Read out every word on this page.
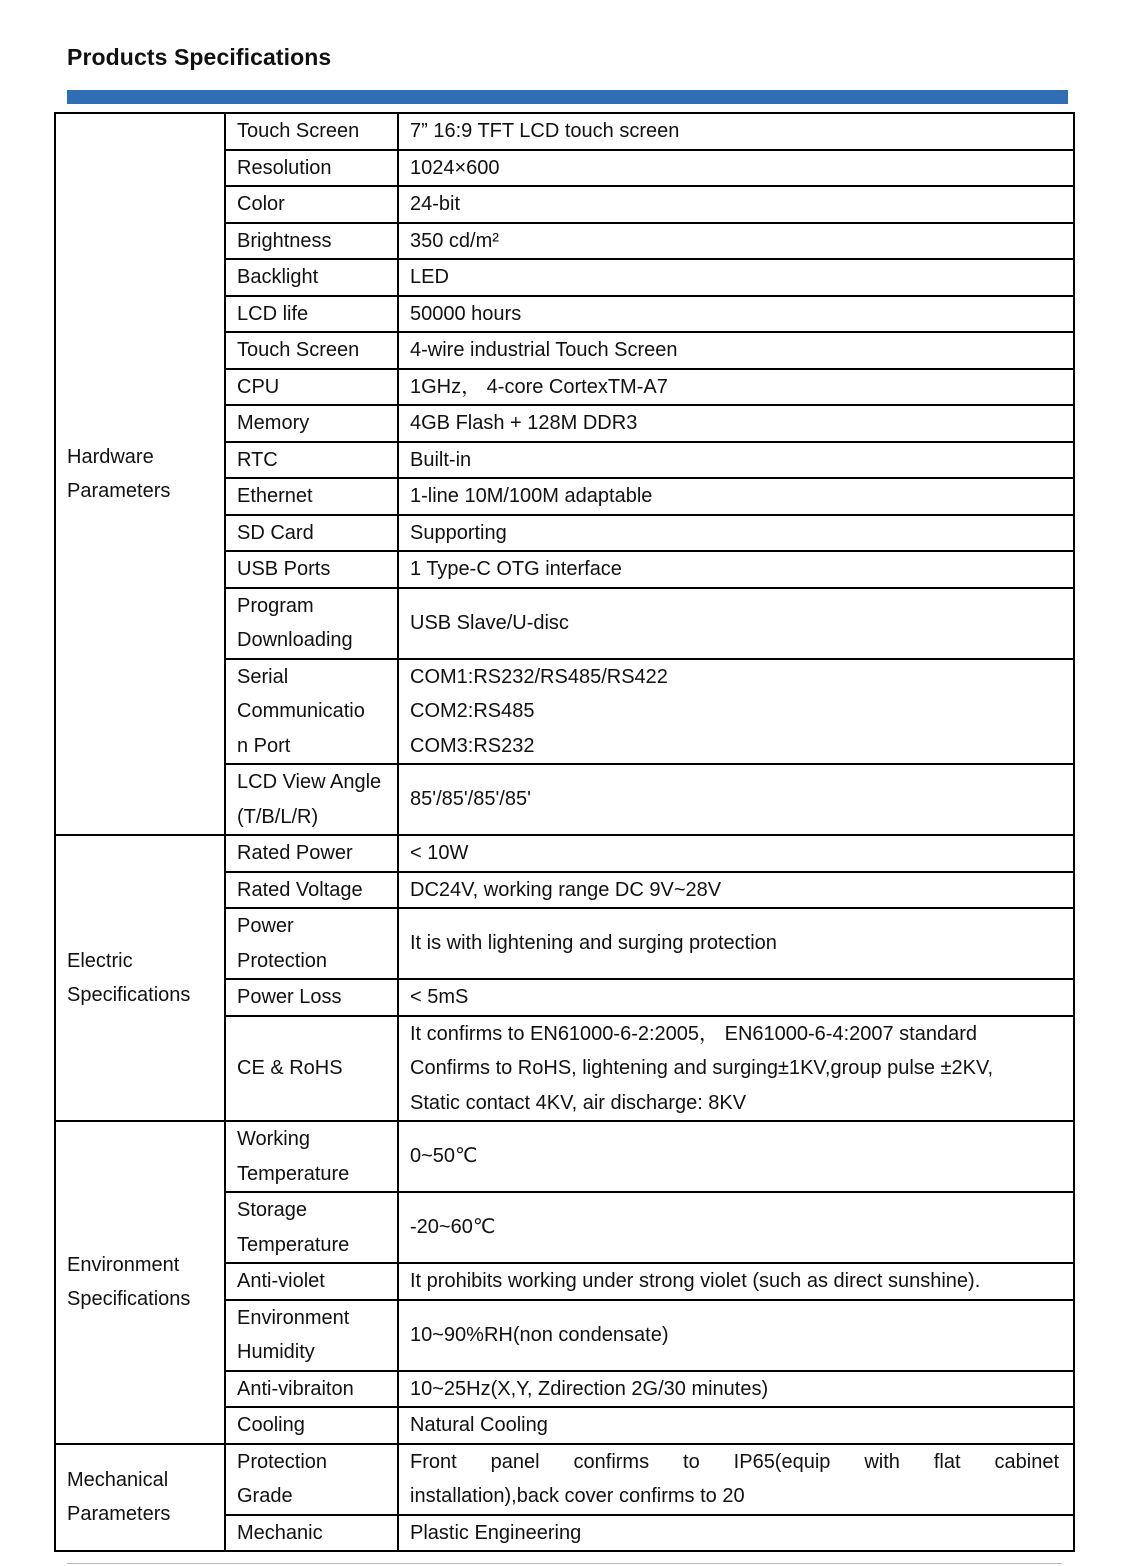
Products Specifications
Hardware
Parameters	Touch Screen	7” 16:9 TFT LCD touch screen

	Resolution	1024×600

	Color	24-bit

	Brightness	350 cd/m²

	Backlight	LED

	LCD life	50000 hours

	Touch Screen	4-wire industrial Touch Screen

	CPU	1GHz， 4-core CortexTM-A7

	Memory	4GB Flash + 128M DDR3

	RTC	Built-in

	Ethernet	1-line 10M/100M adaptable

	SD Card	Supporting

	USB Ports	1 Type-C OTG interface

	Program
Downloading	USB Slave/U-disc

	Serial
Communicatio
n Port	COM1:RS232/RS485/RS422
COM2:RS485
COM3:RS232

	LCD View Angle
(T/B/L/R)	85'/85'/85'/85'

Electric
Specifications	Rated Power	< 10W

	Rated Voltage	DC24V, working range DC 9V~28V

	Power
Protection	It is with lightening and surging protection

	Power Loss	< 5mS

	CE & RoHS	It confirms to EN61000-6-2:2005， EN61000-6-4:2007 standard
Confirms to RoHS, lightening and surging±1KV,group pulse ±2KV,
Static contact 4KV, air discharge: 8KV

Environment
Specifications	Working
Temperature	0~50℃

	Storage
Temperature	-20~60℃

	Anti-violet	It prohibits working under strong violet (such as direct sunshine).

	Environment
Humidity	10~90%RH(non condensate)

	Anti-vibraiton	10~25Hz(X,Y, Zdirection 2G/30 minutes)

	Cooling	Natural Cooling

Mechanical
Parameters	Protection
Grade	Front panel confirms to IP65(equip with flat cabinet
installation),back cover confirms to 20

	Mechanic	Plastic Engineering
